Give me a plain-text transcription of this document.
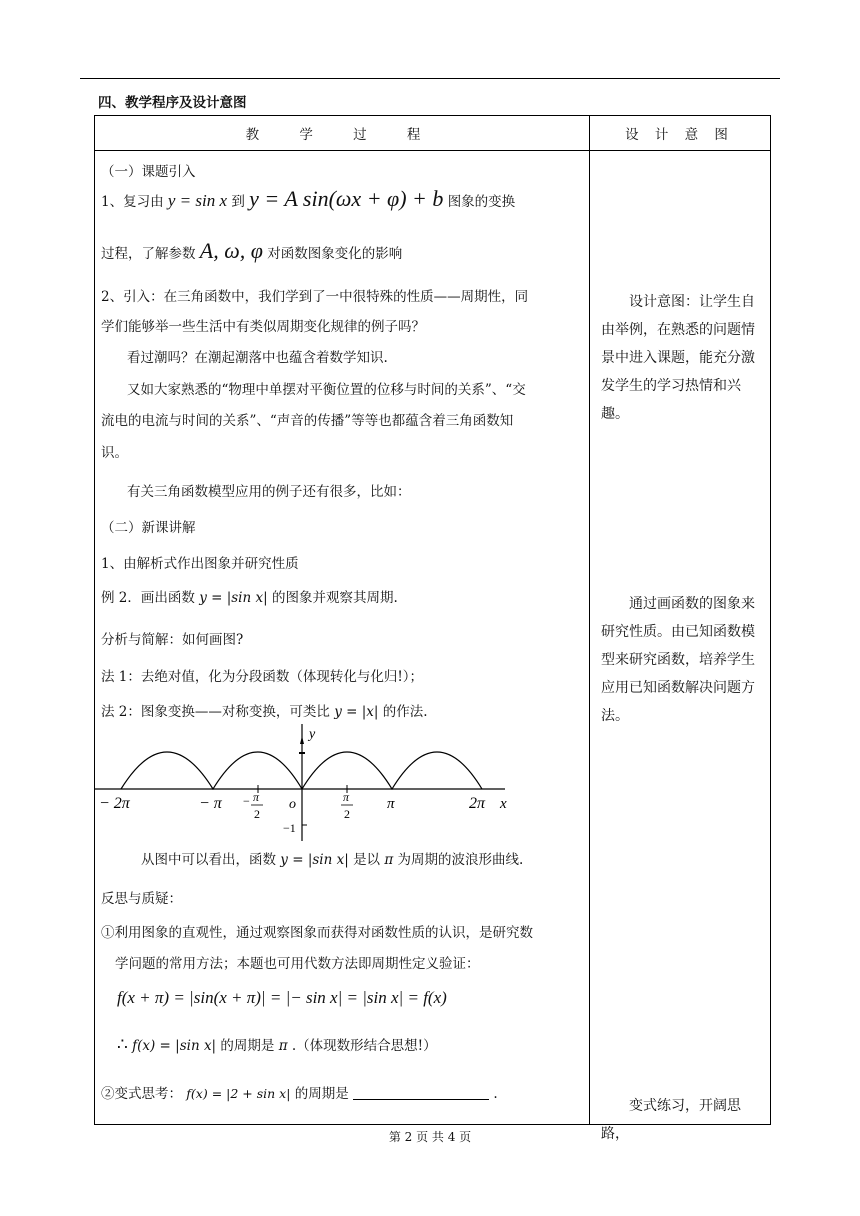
四、教学程序及设计意图
教 学 过 程	设 计 意 图
（一）课题引入
1、复习由 y = sin x 到 y = A sin(ωx + φ) + b 图象的变换
过程，了解参数 A, ω, φ 对函数图象变化的影响
2、引入：在三角函数中，我们学到了一中很特殊的性质——周期性，同
学们能够举一些生活中有类似周期变化规律的例子吗？
看过潮吗？在潮起潮落中也蕴含着数学知识.
又如大家熟悉的“物理中单摆对平衡位置的位移与时间的关系”、“交
流电的电流与时间的关系”、“声音的传播”等等也都蕴含着三角函数知
识。
有关三角函数模型应用的例子还有很多，比如：
（二）新课讲解
1、由解析式作出图象并研究性质
例 2．画出函数 y = |sin x| 的图象并观察其周期.
分析与简解：如何画图?
法 1：去绝对值，化为分段函数（体现转化与化归!）；
法 2：图象变换——对称变换，可类比 y = |x| 的作法.
y
x
o
−1
− 2π	− π − π
2
π
2
π	2π
从图中可以看出，函数 y = |sin x| 是以 π 为周期的波浪形曲线.
反思与质疑：
①利用图象的直观性，通过观察图象而获得对函数性质的认识，是研究数
学问题的常用方法；本题也可用代数方法即周期性定义验证：
f(x + π) = |sin(x + π)| = |− sin x| = |sin x| = f(x)
∴ f(x) = |sin x| 的周期是 π .（体现数形结合思想!）
②变式思考： f(x) = |2 + sin x| 的周期是	.
设计意图：让学生自由举例，在熟悉的问题情景中进入课题，能充分激发学生的学习热情和兴趣。
通过画函数的图象来研究性质。由已知函数模型来研究函数，培养学生应用已知函数解决问题方法。
变式练习，开阔思路，
第 2 页 共 4 页
